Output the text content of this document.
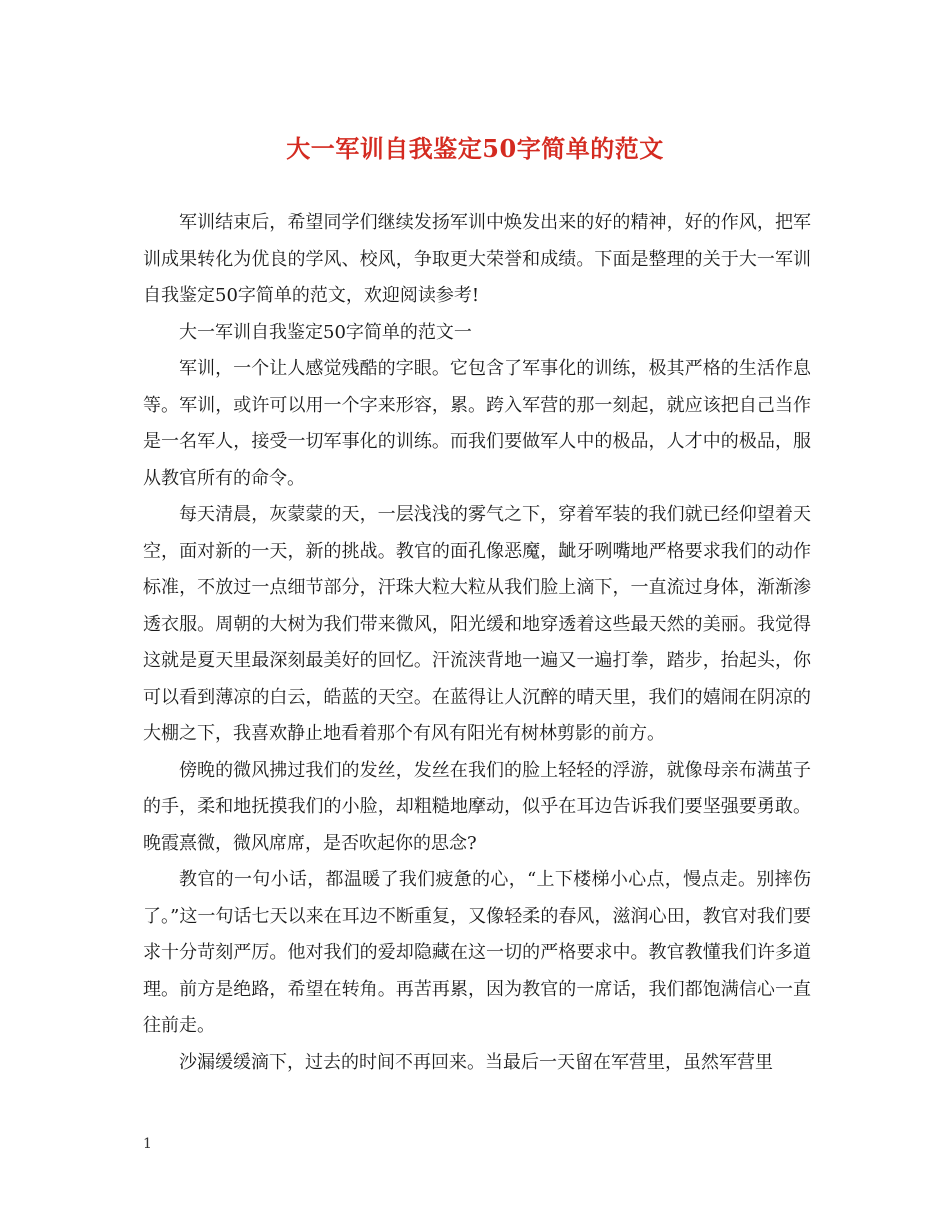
大一军训自我鉴定50字简单的范文

军训结束后，希望同学们继续发扬军训中焕发出来的好的精神，好的作风，把军训成果转化为优良的学风、校风，争取更大荣誉和成绩。下面是整理的关于大一军训自我鉴定50字简单的范文，欢迎阅读参考!

大一军训自我鉴定50字简单的范文一

军训，一个让人感觉残酷的字眼。它包含了军事化的训练，极其严格的生活作息等。军训，或许可以用一个字来形容，累。跨入军营的那一刻起，就应该把自己当作是一名军人，接受一切军事化的训练。而我们要做军人中的极品，人才中的极品，服从教官所有的命令。

每天清晨，灰蒙蒙的天，一层浅浅的雾气之下，穿着军装的我们就已经仰望着天空，面对新的一天，新的挑战。教官的面孔像恶魔，龇牙咧嘴地严格要求我们的动作标准，不放过一点细节部分，汗珠大粒大粒从我们脸上滴下，一直流过身体，渐渐渗透衣服。周朝的大树为我们带来微风，阳光缓和地穿透着这些最天然的美丽。我觉得这就是夏天里最深刻最美好的回忆。汗流浃背地一遍又一遍打拳，踏步，抬起头，你可以看到薄凉的白云，皓蓝的天空。在蓝得让人沉醉的晴天里，我们的嬉闹在阴凉的大棚之下，我喜欢静止地看着那个有风有阳光有树林剪影的前方。

傍晚的微风拂过我们的发丝，发丝在我们的脸上轻轻的浮游，就像母亲布满茧子的手，柔和地抚摸我们的小脸，却粗糙地摩动，似乎在耳边告诉我们要坚强要勇敢。晚霞熹微，微风席席，是否吹起你的思念?

教官的一句小话，都温暖了我们疲惫的心，“上下楼梯小心点，慢点走。别摔伤了。”这一句话七天以来在耳边不断重复，又像轻柔的春风，滋润心田，教官对我们要求十分苛刻严厉。他对我们的爱却隐藏在这一切的严格要求中。教官教懂我们许多道理。前方是绝路，希望在转角。再苦再累，因为教官的一席话，我们都饱满信心一直往前走。

沙漏缓缓滴下，过去的时间不再回来。当最后一天留在军营里，虽然军营里

1
